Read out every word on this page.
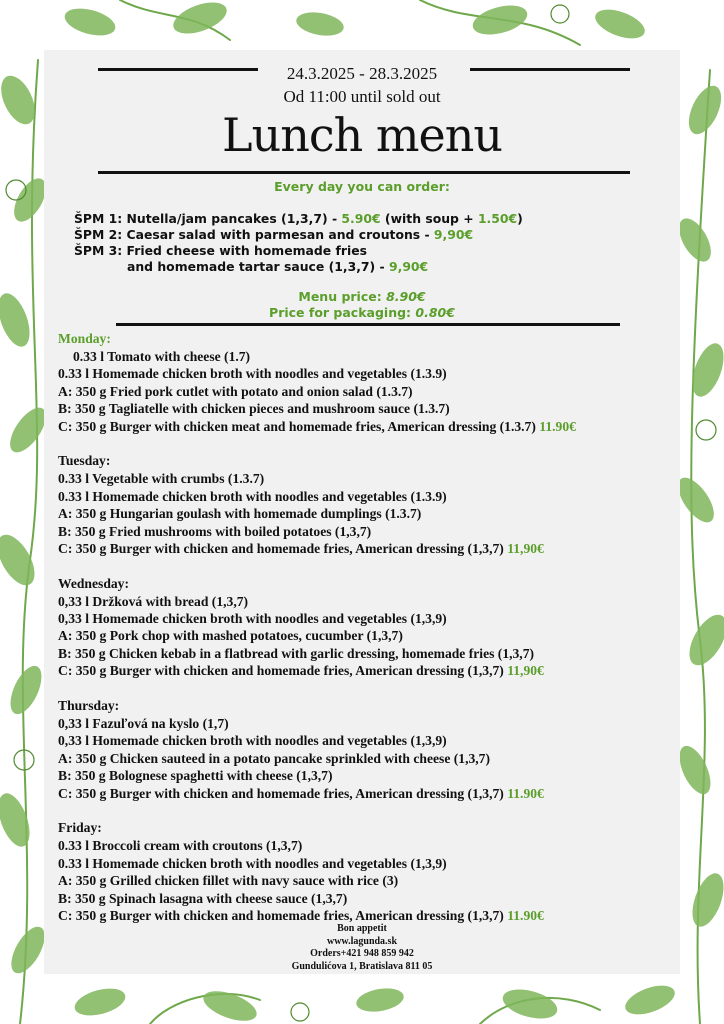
24.3.2025 - 28.3.2025
Od 11:00 until sold out
Lunch menu
Every day you can order:
ŠPM 1: Nutella/jam pancakes (1,3,7) - 5.90€ (with soup + 1.50€)
ŠPM 2: Caesar salad with parmesan and croutons - 9,90€
ŠPM 3: Fried cheese with homemade fries
and homemade tartar sauce (1,3,7) - 9,90€
Menu price: 8.90€
Price for packaging: 0.80€
Monday:
0.33 l Tomato with cheese (1.7)
0.33 l Homemade chicken broth with noodles and vegetables (1.3.9)
A: 350 g Fried pork cutlet with potato and onion salad (1.3.7)
B: 350 g Tagliatelle with chicken pieces and mushroom sauce (1.3.7)
C: 350 g Burger with chicken meat and homemade fries, American dressing (1.3.7) 11.90€
Tuesday:
0.33 l Vegetable with crumbs (1.3.7)
0.33 l Homemade chicken broth with noodles and vegetables (1.3.9)
A: 350 g Hungarian goulash with homemade dumplings (1.3.7)
B: 350 g Fried mushrooms with boiled potatoes (1,3,7)
C: 350 g Burger with chicken and homemade fries, American dressing (1,3,7) 11,90€
Wednesday:
0,33 l Držková with bread (1,3,7)
0,33 l Homemade chicken broth with noodles and vegetables (1,3,9)
A: 350 g Pork chop with mashed potatoes, cucumber (1,3,7)
B: 350 g Chicken kebab in a flatbread with garlic dressing, homemade fries (1,3,7)
C: 350 g Burger with chicken and homemade fries, American dressing (1,3,7) 11,90€
Thursday:
0,33 l Fazuľová na kyslo (1,7)
0,33 l Homemade chicken broth with noodles and vegetables (1,3,9)
A: 350 g Chicken sauteed in a potato pancake sprinkled with cheese (1,3,7)
B: 350 g Bolognese spaghetti with cheese (1,3,7)
C: 350 g Burger with chicken and homemade fries, American dressing (1,3,7) 11.90€
Friday:
0.33 l Broccoli cream with croutons (1,3,7)
0.33 l Homemade chicken broth with noodles and vegetables (1,3,9)
A: 350 g Grilled chicken fillet with navy sauce with rice (3)
B: 350 g Spinach lasagna with cheese sauce (1,3,7)
C: 350 g Burger with chicken and homemade fries, American dressing (1,3,7) 11.90€
Bon appetit
www.lagunda.sk
Orders+421 948 859 942
Gundulićova 1, Bratislava 811 05
